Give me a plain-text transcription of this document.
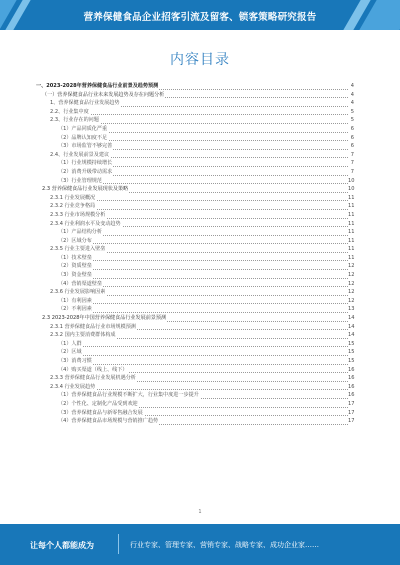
营养保健食品企业招客引流及留客、锁客策略研究报告
内容目录
一、2023-2028年营养保健食品行业前景及趋势预测	4
（一）营养保健食品行业未来发展趋势及存在问题分析	4
1、营养保健食品行业发展趋势	4
2.2、行业集中度	5
2.3、行业存在的问题	5
（1）产品同质化严重	6
（2）品牌认知度不足	6
（3）市场监管不够完善	6
2.4、行业发展前景及建议	7
（1）行业规模持续增长	7
（2）消费升级带动需求	7
（3）行业管理规范	10
2.3 营养保健食品行业发展现状及策略	10
2.3.1 行业发展概况	11
2.3.2 行业竞争格局	11
2.3.3 行业市场规模分析	11
2.3.4 行业利润水平及变动趋势	11
（1）产品结构分析	11
（2）区域分布	11
2.3.5 行业主要进入壁垒	11
（1）技术壁垒	11
（2）资质壁垒	12
（3）资金壁垒	12
（4）营销渠道壁垒	12
2.3.6 行业发展影响因素	12
（1）有利因素	12
（2）不利因素	13
2.3 2023-2028年中国营养保健食品行业发展前景预测	14
2.3.1 营养保健食品行业市场规模预测	14
2.3.2 国内主要消费群体构成	14
（1）人群	15
（2）区域	15
（3）消费习惯	15
（4）购买渠道（线上、线下）	16
2.3.3 营养保健食品行业发展机遇分析	16
2.3.4 行业发展趋势	16
（1）营养保健食品行业规模不断扩大，行业集中度进一步提升	16
（2）个性化、定制化产品受到欢迎	17
（3）营养保健食品与新零售融合发展	17
（4）营养保健食品市场规模与营销推广趋势	17
1
让每个人都能成为	行业专家、管理专家、营销专家、战略专家、成功企业家……
